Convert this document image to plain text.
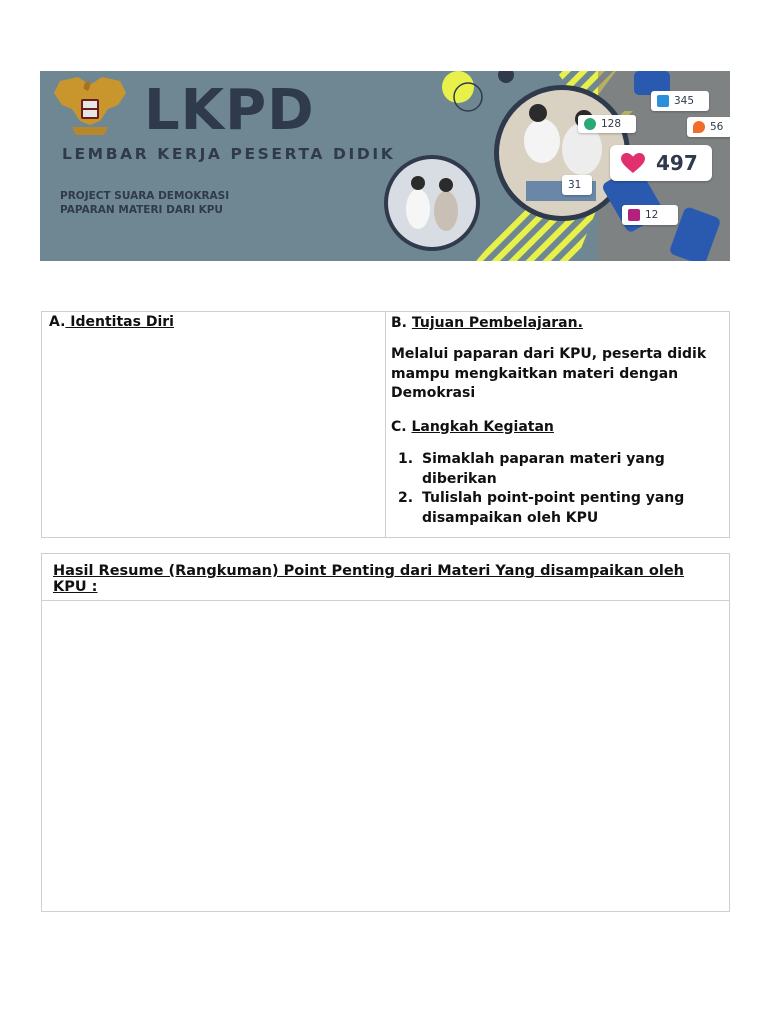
LKPD
LEMBAR KERJA PESERTA DIDIK
PROJECT SUARA DEMOKRASI
PAPARAN MATERI DARI KPU
345
128	56
31
497
12
A. Identitas Diri	B. Tujuan Pembelajaran.

Melalui paparan dari KPU, peserta didik mampu mengkaitkan materi dengan Demokrasi

C. Langkah Kegiatan

1. Simaklah paparan materi yang diberikan
2. Tulislah point-point penting yang disampaikan oleh KPU
Hasil Resume (Rangkuman) Point Penting dari Materi Yang disampaikan oleh KPU :
